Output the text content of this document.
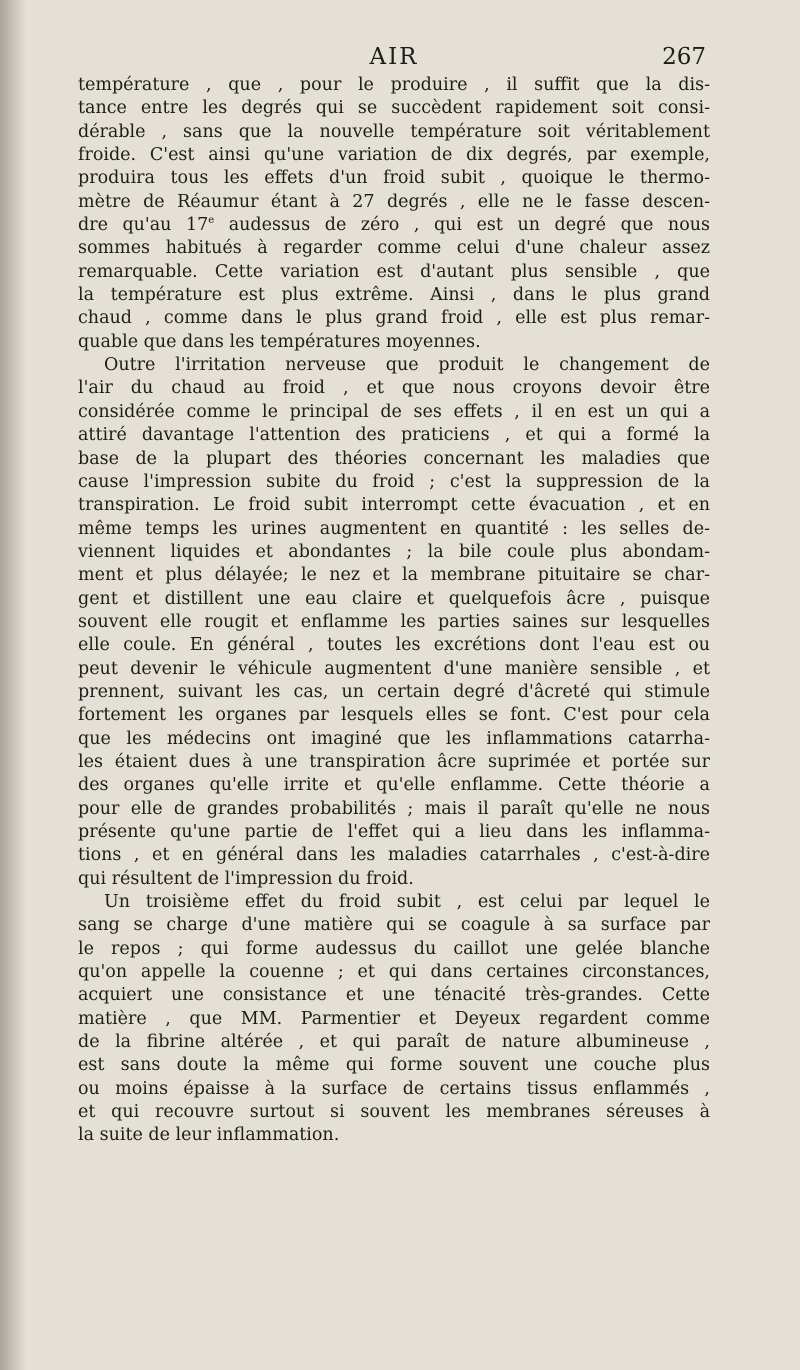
AIR	267
température , que , pour le produire , il suffit que la dis-
tance entre les degrés qui se succèdent rapidement soit consi-
dérable , sans que la nouvelle température soit véritablement
froide. C'est ainsi qu'une variation de dix degrés, par exemple,
produira tous les effets d'un froid subit , quoique le thermo-
mètre de Réaumur étant à 27 degrés , elle ne le fasse descen-
dre qu'au 17e audessus de zéro , qui est un degré que nous
sommes habitués à regarder comme celui d'une chaleur assez
remarquable. Cette variation est d'autant plus sensible , que
la température est plus extrême. Ainsi , dans le plus grand
chaud , comme dans le plus grand froid , elle est plus remar-
quable que dans les températures moyennes.
Outre l'irritation nerveuse que produit le changement de
l'air du chaud au froid , et que nous croyons devoir être
considérée comme le principal de ses effets , il en est un qui a
attiré davantage l'attention des praticiens , et qui a formé la
base de la plupart des théories concernant les maladies que
cause l'impression subite du froid ; c'est la suppression de la
transpiration. Le froid subit interrompt cette évacuation , et en
même temps les urines augmentent en quantité : les selles de-
viennent liquides et abondantes ; la bile coule plus abondam-
ment et plus délayée; le nez et la membrane pituitaire se char-
gent et distillent une eau claire et quelquefois âcre , puisque
souvent elle rougit et enflamme les parties saines sur lesquelles
elle coule. En général , toutes les excrétions dont l'eau est ou
peut devenir le véhicule augmentent d'une manière sensible , et
prennent, suivant les cas, un certain degré d'âcreté qui stimule
fortement les organes par lesquels elles se font. C'est pour cela
que les médecins ont imaginé que les inflammations catarrha-
les étaient dues à une transpiration âcre suprimée et portée sur
des organes qu'elle irrite et qu'elle enflamme. Cette théorie a
pour elle de grandes probabilités ; mais il paraît qu'elle ne nous
présente qu'une partie de l'effet qui a lieu dans les inflamma-
tions , et en général dans les maladies catarrhales , c'est-à-dire
qui résultent de l'impression du froid.
Un troisième effet du froid subit , est celui par lequel le
sang se charge d'une matière qui se coagule à sa surface par
le repos ; qui forme audessus du caillot une gelée blanche
qu'on appelle la couenne ; et qui dans certaines circonstances,
acquiert une consistance et une ténacité très-grandes. Cette
matière , que MM. Parmentier et Deyeux regardent comme
de la fibrine altérée , et qui paraît de nature albumineuse ,
est sans doute la même qui forme souvent une couche plus
ou moins épaisse à la surface de certains tissus enflammés ,
et qui recouvre surtout si souvent les membranes séreuses à
la suite de leur inflammation.
